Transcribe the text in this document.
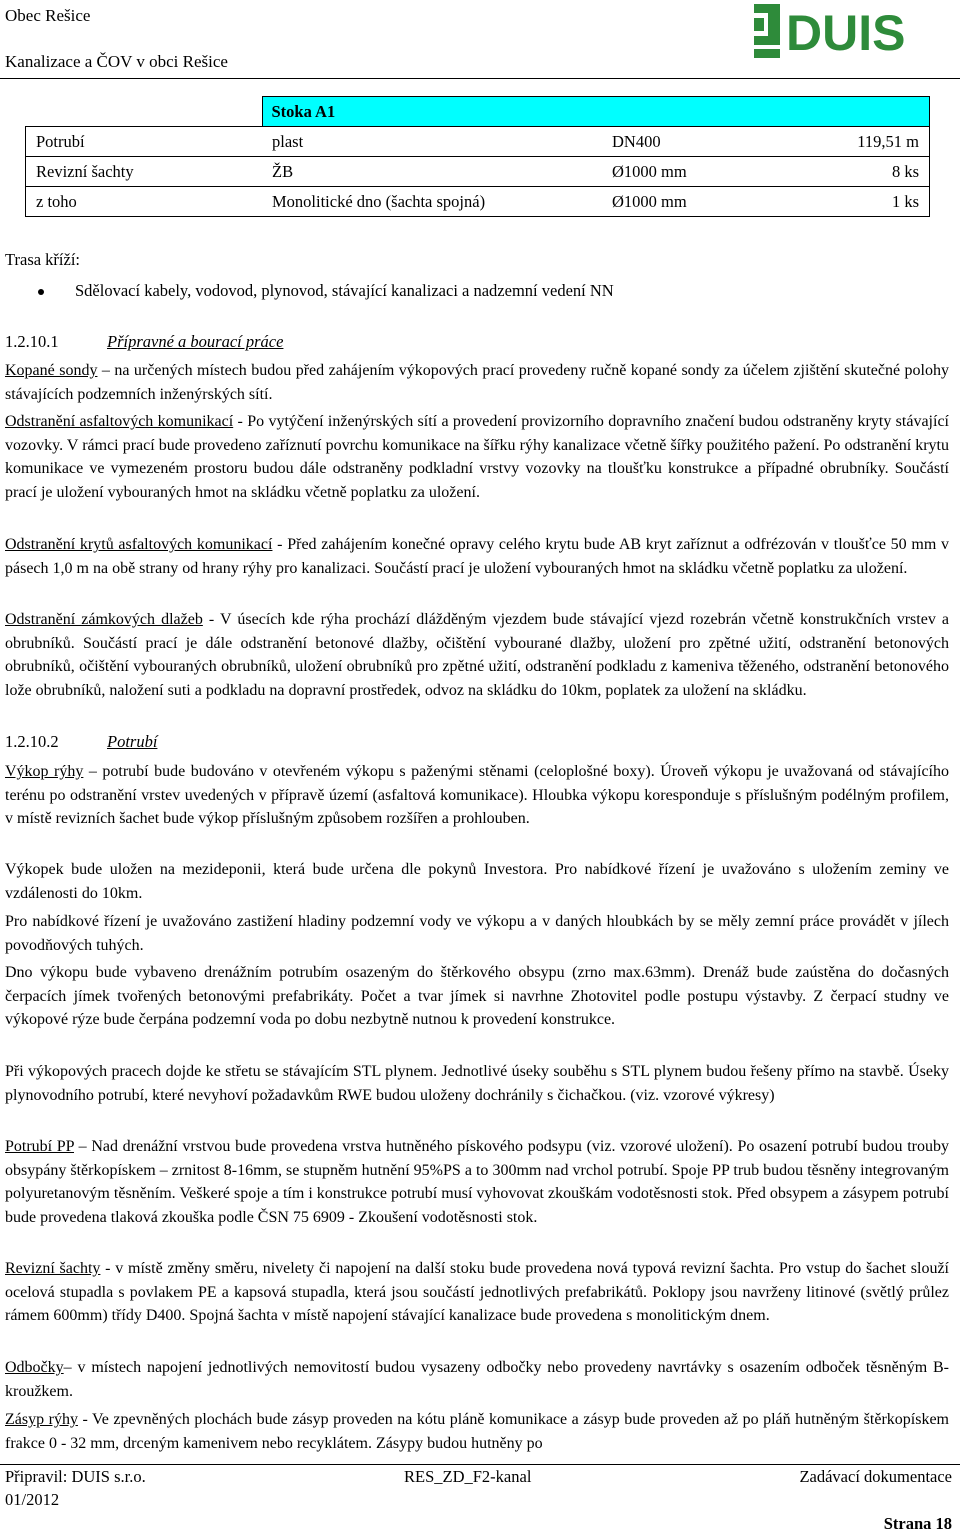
Obec Rešice
Kanalizace a ČOV v obci Rešice
DUIS
	Stoka A1		
Potrubí	plast	DN400	119,51 m
Revizní šachty	ŽB	Ø1000 mm	8 ks
z toho	Monolitické dno (šachta spojná)	Ø1000 mm	1 ks
Trasa kříží:
Sdělovací kabely, vodovod, plynovod, stávající kanalizaci a nadzemní vedení NN
1.2.10.1	Přípravné a bourací práce

Kopané sondy – na určených místech budou před zahájením výkopových prací provedeny ručně kopané sondy za účelem zjištění skutečné polohy stávajících podzemních inženýrských sítí.

Odstranění asfaltových komunikací - Po vytýčení inženýrských sítí a provedení provizorního dopravního značení budou odstraněny kryty stávající vozovky. V rámci prací bude provedeno zaříznutí povrchu komunikace na šířku rýhy kanalizace včetně šířky použitého pažení. Po odstranění krytu komunikace ve vymezeném prostoru budou dále odstraněny podkladní vrstvy vozovky na tloušťku konstrukce a případné obrubníky. Součástí prací je uložení vybouraných hmot na skládku včetně poplatku za uložení.

Odstranění krytů asfaltových komunikací - Před zahájením konečné opravy celého krytu bude AB kryt zaříznut a odfrézován v tloušťce 50 mm v pásech 1,0 m na obě strany od hrany rýhy pro kanalizaci. Součástí prací je uložení vybouraných hmot na skládku včetně poplatku za uložení.

Odstranění zámkových dlažeb - V úsecích kde rýha prochází dlážděným vjezdem bude stávající vjezd rozebrán včetně konstrukčních vrstev a obrubníků. Součástí prací je dále odstranění betonové dlažby, očištění vybourané dlažby, uložení pro zpětné užití, odstranění betonových obrubníků, očištění vybouraných obrubníků, uložení obrubníků pro zpětné užití, odstranění podkladu z kameniva těženého, odstranění betonového lože obrubníků, naložení suti a podkladu na dopravní prostředek, odvoz na skládku do 10km, poplatek za uložení na skládku.

1.2.10.2	Potrubí

Výkop rýhy – potrubí bude budováno v otevřeném výkopu s paženými stěnami (celoplošné boxy). Úroveň výkopu je uvažovaná od stávajícího terénu po odstranění vrstev uvedených v přípravě území (asfaltová komunikace). Hloubka výkopu koresponduje s příslušným podélným profilem, v místě revizních šachet bude výkop příslušným způsobem rozšířen a prohlouben.

Výkopek bude uložen na mezideponii, která bude určena dle pokynů Investora. Pro nabídkové řízení je uvažováno s uložením zeminy ve vzdálenosti do 10km.

Pro nabídkové řízení je uvažováno zastižení hladiny podzemní vody ve výkopu a v daných hloubkách by se měly zemní práce provádět v jílech povodňových tuhých.

Dno výkopu bude vybaveno drenážním potrubím osazeným do štěrkového obsypu (zrno max.63mm). Drenáž bude zaústěna do dočasných čerpacích jímek tvořených betonovými prefabrikáty. Počet a tvar jímek si navrhne Zhotovitel podle postupu výstavby. Z čerpací studny ve výkopové rýze bude čerpána podzemní voda po dobu nezbytně nutnou k provedení konstrukce.

Při výkopových pracech dojde ke střetu se stávajícím STL plynem. Jednotlivé úseky souběhu s STL plynem budou řešeny přímo na stavbě. Úseky plynovodního potrubí, které nevyhoví požadavkům RWE budou uloženy dochránily s čichačkou. (viz. vzorové výkresy)

Potrubí PP – Nad drenážní vrstvou bude provedena vrstva hutněného pískového podsypu (viz. vzorové uložení). Po osazení potrubí budou trouby obsypány štěrkopískem – zrnitost 8-16mm, se stupněm hutnění 95%PS a to 300mm nad vrchol potrubí. Spoje PP trub budou těsněny integrovaným polyuretanovým těsněním. Veškeré spoje a tím i konstrukce potrubí musí vyhovovat zkouškám vodotěsnosti stok. Před obsypem a zásypem potrubí bude provedena tlaková zkouška podle ČSN 75 6909 - Zkoušení vodotěsnosti stok.

Revizní šachty - v místě změny směru, nivelety či napojení na další stoku bude provedena nová typová revizní šachta. Pro vstup do šachet slouží ocelová stupadla s povlakem PE a kapsová stupadla, která jsou součástí jednotlivých prefabrikátů. Poklopy jsou navrženy litinové (světlý průlez rámem 600mm) třídy D400. Spojná šachta v místě napojení stávající kanalizace bude provedena s monolitickým dnem.

Odbočky– v místech napojení jednotlivých nemovitostí budou vysazeny odbočky nebo provedeny navrtávky s osazením odboček těsněným B-kroužkem.

Zásyp rýhy - Ve zpevněných plochách bude zásyp proveden na kótu pláně komunikace a zásyp bude proveden až po pláň hutněným štěrkopískem frakce 0 - 32 mm, drceným kamenivem nebo recyklátem. Zásypy budou hutněny po

Připravil: DUIS s.r.o.
01/2012
RES_ZD_F2-kanal	Zadávací dokumentace
Strana 18
